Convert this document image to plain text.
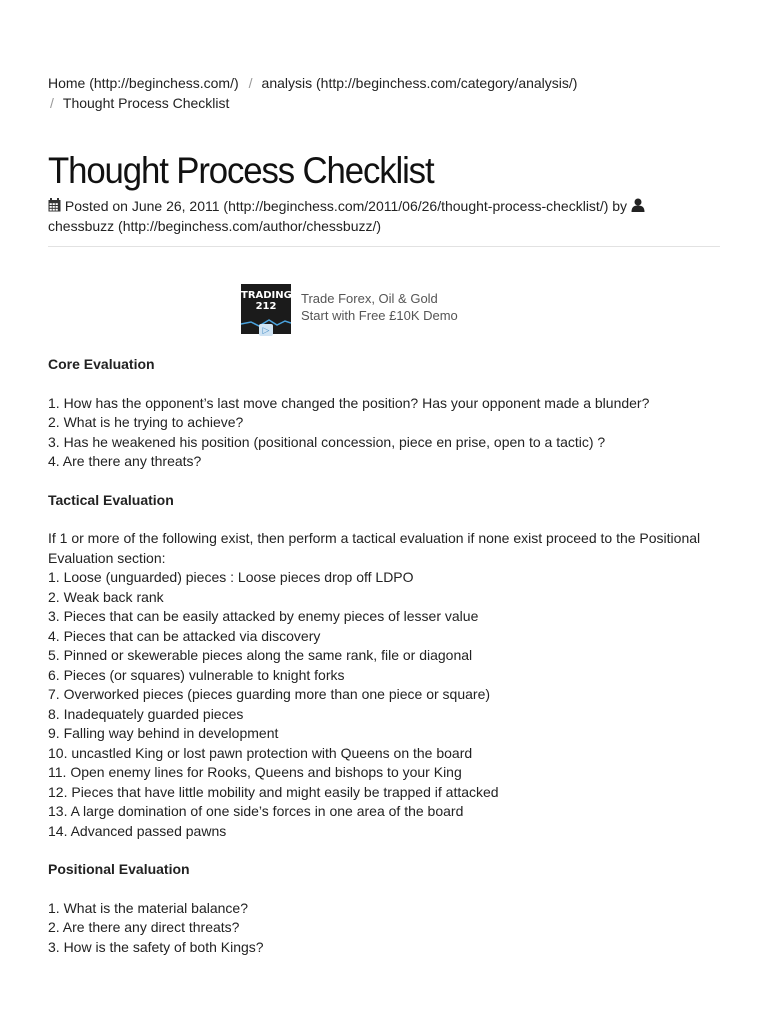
Home (http://beginchess.com/) / analysis (http://beginchess.com/category/analysis/)
/ Thought Process Checklist
Thought Process Checklist
Posted on June 26, 2011 (http://beginchess.com/2011/06/26/thought-process-checklist/) by
chessbuzz (http://beginchess.com/author/chessbuzz/)
TRADING
212
Trade Forex, Oil & Gold
Start with Free £10K Demo
▷
Core Evaluation
1. How has the opponent’s last move changed the position? Has your opponent made a blunder?
2. What is he trying to achieve?
3. Has he weakened his position (positional concession, piece en prise, open to a tactic) ?
4. Are there any threats?
Tactical Evaluation
If 1 or more of the following exist, then perform a tactical evaluation if none exist proceed to the Positional Evaluation section:
1. Loose (unguarded) pieces : Loose pieces drop off LDPO
2. Weak back rank
3. Pieces that can be easily attacked by enemy pieces of lesser value
4. Pieces that can be attacked via discovery
5. Pinned or skewerable pieces along the same rank, file or diagonal
6. Pieces (or squares) vulnerable to knight forks
7. Overworked pieces (pieces guarding more than one piece or square)
8. Inadequately guarded pieces
9. Falling way behind in development
10. uncastled King or lost pawn protection with Queens on the board
11. Open enemy lines for Rooks, Queens and bishops to your King
12. Pieces that have little mobility and might easily be trapped if attacked
13. A large domination of one side’s forces in one area of the board
14. Advanced passed pawns
Positional Evaluation
1. What is the material balance?
2. Are there any direct threats?
3. How is the safety of both Kings?
